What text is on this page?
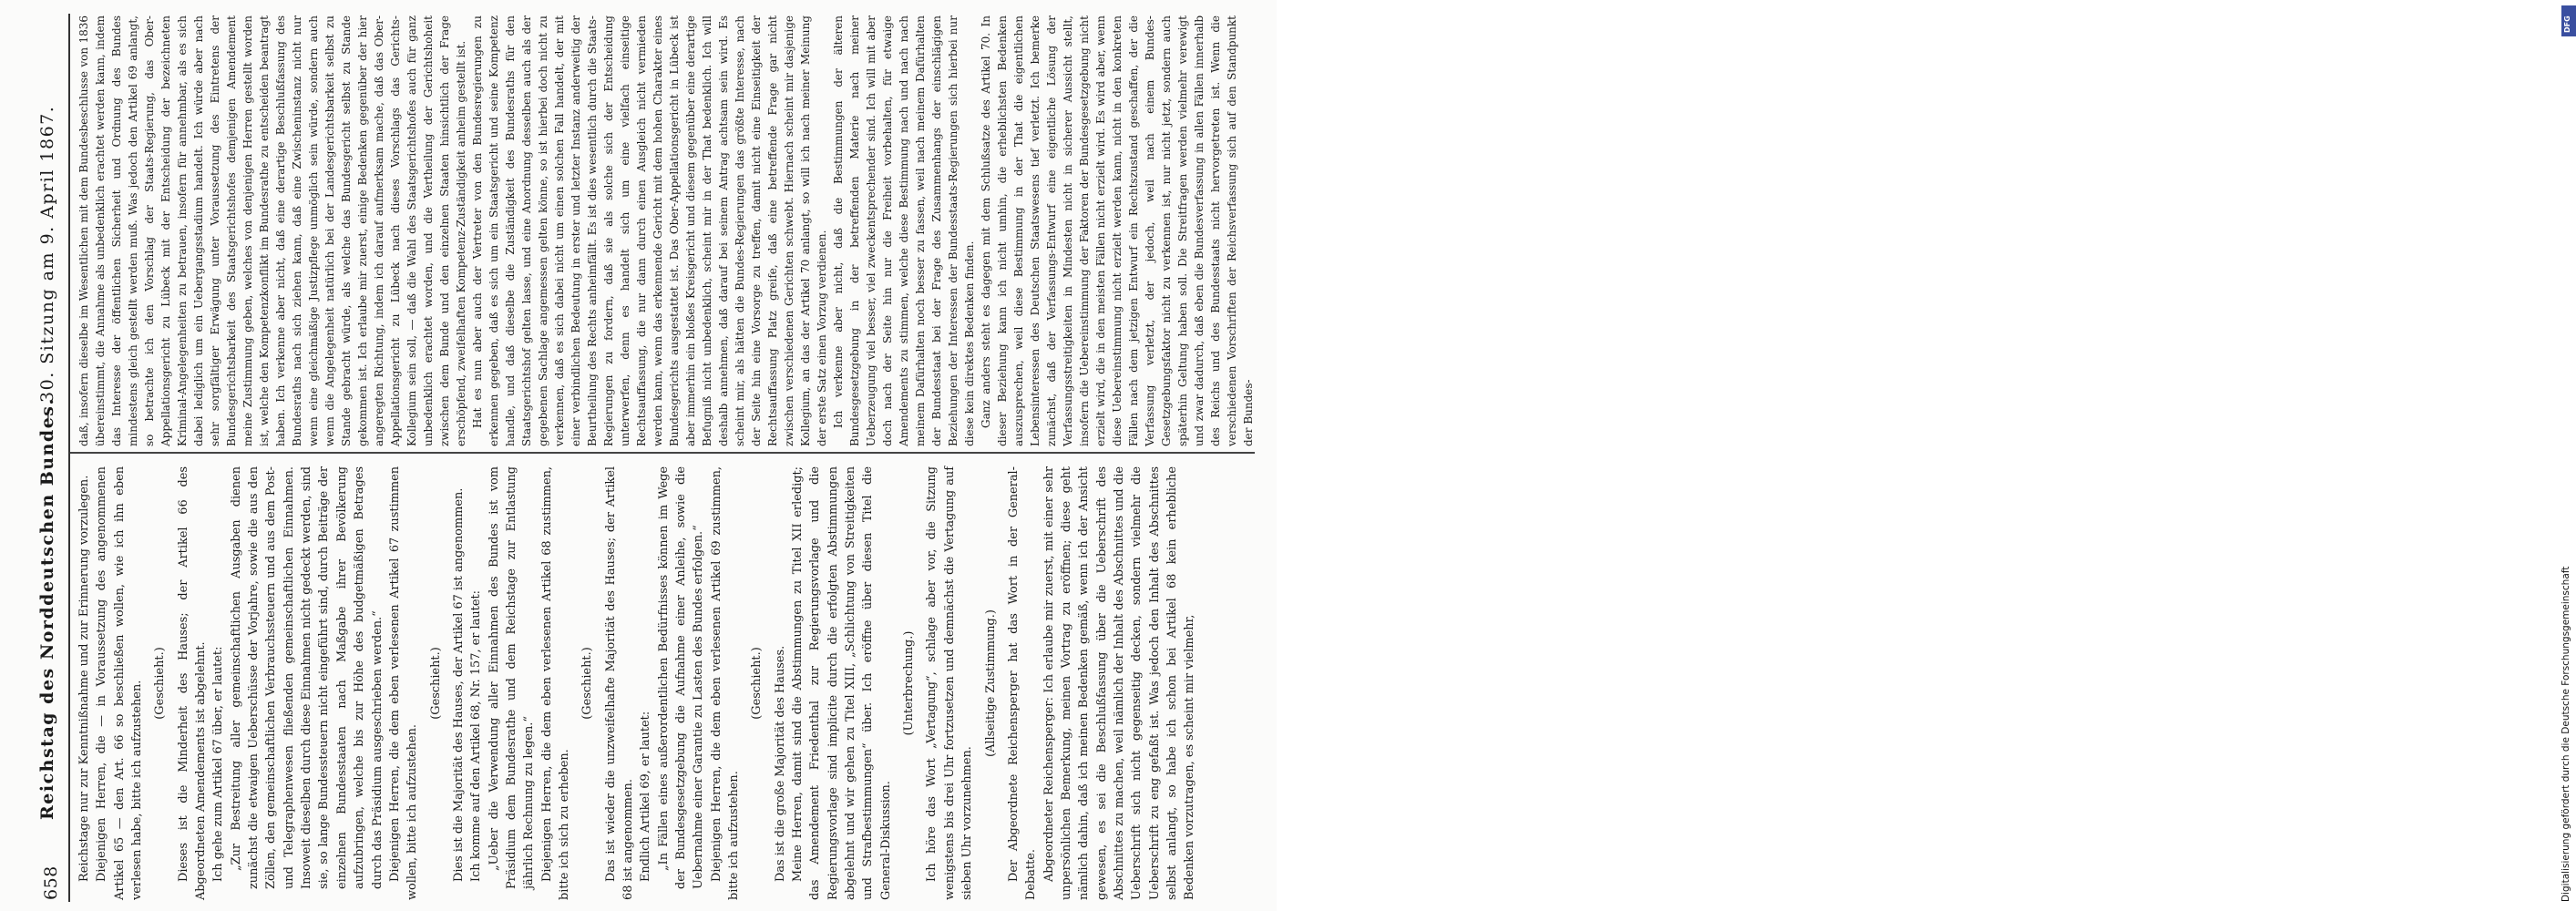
658
Reichstag des Norddeutschen Bundes.
— 30. Sitzung am 9. April 1867.

Reichstage nur zur Kenntnißnahme und zur Erinnerung vorzulegen. Diejenigen Herren, die — in Voraussetzung des angenommenen Artikel 65 — den Art. 66 so beschließen wollen, wie ich ihn eben verlesen habe, bitte ich aufzustehen. (Geschieht.) Dieses ist die Minderheit des Hauses; der Artikel 66 des Abgeordneten Amendements ist abgelehnt. Ich gehe zum Artikel 67 über, er lautet: „Zur Bestreitung aller gemeinschaftlichen Ausgaben dienen zunächst die etwaigen Ueberschüsse der Vorjahre, sowie die aus den Zöllen, den gemeinschaftlichen Verbrauchssteuern und aus dem Post- und Telegraphenwesen fließenden gemeinschaftlichen Einnahmen. Insoweit dieselben durch diese Einnahmen nicht gedeckt werden, sind sie, so lange Bundessteuern nicht eingeführt sind, durch Beiträge der einzelnen Bundesstaaten nach Maßgabe ihrer Bevölkerung aufzubringen, welche bis zur Höhe des budgetmäßigen Betrages durch das Präsidium ausgeschrieben werden.“ Diejenigen Herren, die dem eben verlesenen Artikel 67 zustimmen wollen, bitte ich aufzustehen.

(Geschieht.) Dies ist die Majorität des Hauses, der Artikel 67 ist angenommen. Ich komme auf den Artikel 68, Nr. 157, er lautet: „Ueber die Verwendung aller Einnahmen des Bundes ist vom Präsidium dem Bundesrathe und dem Reichstage zur Entlastung jährlich Rechnung zu legen.“ Diejenigen Herren, die dem eben verlesenen Artikel 68 zustimmen, bitte ich sich zu erheben.

(Geschieht.) Das ist wieder die unzweifelhafte Majorität des Hauses; der Artikel 68 ist angenommen. Endlich Artikel 69, er lautet: „In Fällen eines außerordentlichen Bedürfnisses können im Wege der Bundesgesetzgebung die Aufnahme einer Anleihe, sowie die Uebernahme einer Garantie zu Lasten des Bundes erfolgen.“ Diejenigen Herren, die dem eben verlesenen Artikel 69 zustimmen, bitte ich aufzustehen.

(Geschieht.) Das ist die große Majorität des Hauses. Meine Herren, damit sind die Abstimmungen zu Titel XII erledigt; das Amendement Friedenthal zur Regierungsvorlage und die Regierungsvorlage sind implicite durch die erfolgten Abstimmungen abgelehnt und wir gehen zu Titel XIII, „Schlichtung von Streitigkeiten und Strafbestimmungen“ über. Ich eröffne über diesen Titel die General-Diskussion.

(Unterbrechung.) Ich höre das Wort „Vertagung“, schlage aber vor, die Sitzung wenigstens bis drei Uhr fortzusetzen und demnächst die Vertagung auf sieben Uhr vorzunehmen.

(Allseitige Zustimmung.) Der Abgeordnete Reichensperger hat das Wort in der General-Debatte. Abgeordneter Reichensperger: Ich erlaube mir zuerst, mit einer sehr unpersönlichen Bemerkung, meinen Vortrag zu eröffnen; diese geht nämlich dahin, daß ich meinen Bedenken gemäß, wenn ich der Ansicht gewesen, es sei die Beschlußfassung über die Ueberschrift des Abschnittes zu machen, weil nämlich der Inhalt des Abschnittes und die Ueberschrift sich nicht gegenseitig decken, sondern vielmehr die Ueberschrift zu eng gefaßt ist. Was jedoch den Inhalt des Abschnittes selbst anlangt, so habe ich schon bei Artikel 68 kein erhebliche Bedenken vorzutragen, es scheint mir vielmehr,

daß, insofern dieselbe im Wesentlichen mit dem Bundesbeschlusse von 1836 übereinstimmt, die Annahme als unbedenklich erachtet werden kann, indem das Interesse der öffentlichen Sicherheit und Ordnung des Bundes mindestens gleich gestellt werden muß. Was jedoch den Artikel 69 anlangt, so betrachte ich den Vorschlag der Staats-Regierung, das Ober-Appellationsgericht zu Lübeck mit der Entscheidung der bezeichneten Kriminal-Angelegenheiten zu betrauen, insofern für annehmbar, als es sich dabei lediglich um ein Uebergangsstadium handelt. Ich würde aber nach sehr sorgfältiger Erwägung unter Voraussetzung des Eintretens der Bundesgerichtsbarkeit des Staatsgerichtshofes demjenigen Amendement meine Zustimmung geben, welches von denjenigen Herren gestellt worden ist, welche den Kompetenzkonflikt im Bundesrathe zu entscheiden beantragt haben. Ich verkenne aber nicht, daß eine derartige Beschlußfassung des Bundesraths nach sich ziehen kann, daß eine Zwischeninstanz nicht nur wenn eine gleichmäßige Justizpflege unmöglich sein würde, sondern auch wenn die Angelegenheit natürlich bei der Landesgerichtsbarkeit selbst zu Stande gebracht würde, als welche das Bundesgericht selbst zu Stande gekommen ist. Ich erlaube mir zuerst, einige Bedenken gegenüber der hier angeregten Richtung, indem ich darauf aufmerksam mache, daß das Ober-Appellationsgericht zu Lübeck nach dieses Vorschlags das Gerichts-Kollegium sein soll, — daß die Wahl des Staatsgerichtshofes auch für ganz unbedenklich erachtet worden, und die Vertheilung der Gerichtshoheit zwischen dem Bunde und den einzelnen Staaten hinsichtlich der Frage erschöpfend, zweifelhaften Kompetenz-Zuständigkeit anheim gestellt ist. Hat es nun aber auch der Vertreter von den Bundesregierungen zu erkennen gegeben, daß es sich um ein Staatsgericht und seine Kompetenz handle, und daß dieselbe die Zuständigkeit des Bundesraths für den Staatsgerichtshof gelten lasse, und eine Anordnung desselben auch als der gegebenen Sachlage angemessen gelten könne, so ist hierbei doch nicht zu verkennen, daß es sich dabei nicht um einen solchen Fall handelt, der mit einer verbindlichen Bedeutung in erster und letzter Instanz anderweitig der Beurtheilung des Rechts anheimfällt. Es ist dies wesentlich durch die Staats-Regierungen zu fordern, daß sie als solche sich der Entscheidung unterwerfen, denn es handelt sich um eine vielfach einseitige Rechtsauffassung, die nur dann durch einen Ausgleich nicht vermieden werden kann, wenn das erkennende Gericht mit dem hohen Charakter eines Bundesgerichts ausgestattet ist. Das Ober-Appellationsgericht in Lübeck ist aber immerhin ein bloßes Kreisgericht und diesem gegenüber eine derartige Befugniß nicht unbedenklich, scheint mir in der That bedenklich. Ich will deshalb annehmen, daß darauf bei seinem Antrag achtsam sein wird. Es scheint mir, als hätten die Bundes-Regierungen das größte Interesse, nach der Seite hin eine Vorsorge zu treffen, damit nicht eine Einseitigkeit der Rechtsauffassung Platz greife, daß eine betreffende Frage gar nicht zwischen verschiedenen Gerichten schwebt. Hiernach scheint mir dasjenige Kollegium, an das der Artikel 70 anlangt, so will ich nach meiner Meinung der erste Satz einen Vorzug verdienen. Ich verkenne aber nicht, daß die Bestimmungen der älteren Bundesgesetzgebung in der betreffenden Materie nach meiner Ueberzeugung viel besser, viel zweckentsprechender sind. Ich will mit aber doch nach der Seite hin nur die Freiheit vorbehalten, für etwaige Amendements zu stimmen, welche diese Bestimmung nach und nach nach meinem Dafürhalten noch besser zu fassen, weil nach meinem Dafürhalten der Bundesstaat bei der Frage des Zusammenhangs der einschlägigen Beziehungen der Interessen der Bundesstaats-Regierungen sich hierbei nur diese kein direktes Bedenken finden. Ganz anders steht es dagegen mit dem Schlußsatze des Artikel 70. In dieser Beziehung kann ich nicht umhin, die erheblichsten Bedenken auszusprechen, weil diese Bestimmung in der That die eigentlichen Lebensinteressen des Deutschen Staatswesens tief verletzt. Ich bemerke zunächst, daß der Verfassungs-Entwurf eine eigentliche Lösung der Verfassungsstreitigkeiten in Mindesten nicht in sicherer Aussicht stellt, insofern die Uebereinstimmung der Faktoren der Bundesgesetzgebung nicht erzielt wird, die in den meisten Fällen nicht erzielt wird. Es wird aber, wenn diese Uebereinstimmung nicht erzielt werden kann, nicht in den konkreten Fällen nach dem jetzigen Entwurf ein Rechtszustand geschaffen, der die Verfassung verletzt, der jedoch, weil nach einem Bundes-Gesetzgebungsfaktor nicht zu verkennen ist, nur nicht jetzt, sondern auch späterhin Geltung haben soll. Die Streitfragen werden vielmehr verewigt und zwar dadurch, daß eben die Bundesverfassung in allen Fällen innerhalb des Reichs und des Bundesstaats nicht hervorgetreten ist. Wenn die verschiedenen Vorschriften der Reichsverfassung sich auf den Standpunkt der Bundes-

DFG
Digitalisierung gefördert durch die Deutsche Forschungsgemeinschaft
